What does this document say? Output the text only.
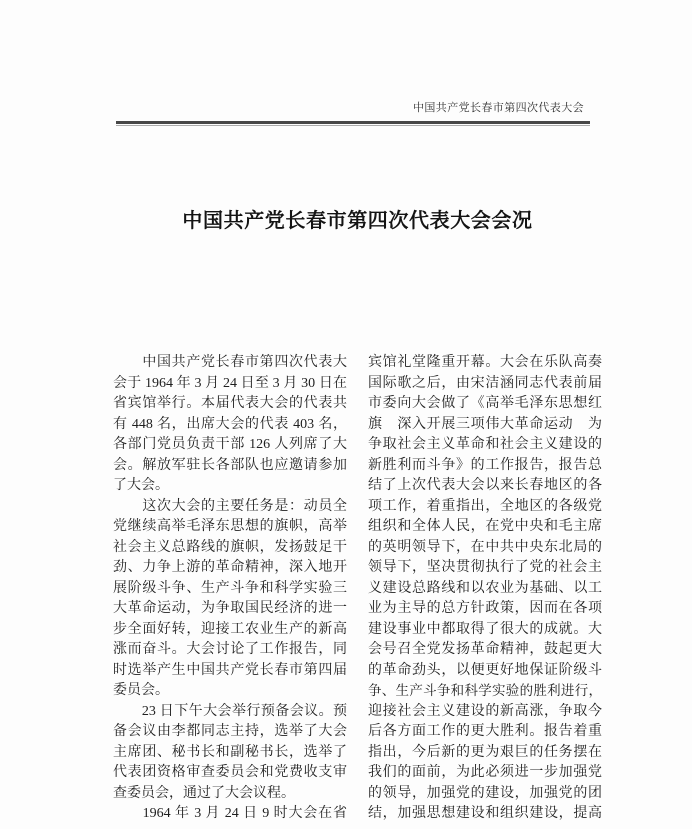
中国共产党长春市第四次代表大会
中国共产党长春市第四次代表大会会况
　　中国共产党长春市第四次代表大
会于 1964 年 3 月 24 日至 3 月 30 日在
省宾馆举行。本届代表大会的代表共
有 448 名，出席大会的代表 403 名，
各部门党员负责干部 126 人列席了大
会。解放军驻长各部队也应邀请参加
了大会。
　　这次大会的主要任务是：动员全
党继续高举毛泽东思想的旗帜，高举
社会主义总路线的旗帜，发扬鼓足干
劲、力争上游的革命精神，深入地开
展阶级斗争、生产斗争和科学实验三
大革命运动，为争取国民经济的进一
步全面好转，迎接工农业生产的新高
涨而奋斗。大会讨论了工作报告，同
时选举产生中国共产党长春市第四届
委员会。
　　23 日下午大会举行预备会议。预
备会议由李都同志主持，选举了大会
主席团、秘书长和副秘书长，选举了
代表团资格审查委员会和党费收支审
查委员会，通过了大会议程。
　　1964 年 3 月 24 日 9 时大会在省
宾馆礼堂隆重开幕。大会在乐队高奏
国际歌之后，由宋洁涵同志代表前届
市委向大会做了《高举毛泽东思想红
旗　深入开展三项伟大革命运动　为
争取社会主义革命和社会主义建设的
新胜利而斗争》的工作报告，报告总
结了上次代表大会以来长春地区的各
项工作，着重指出，全地区的各级党
组织和全体人民，在党中央和毛主席
的英明领导下，在中共中央东北局的
领导下，坚决贯彻执行了党的社会主
义建设总路线和以农业为基础、以工
业为主导的总方针政策，因而在各项
建设事业中都取得了很大的成就。大
会号召全党发扬革命精神，鼓起更大
的革命劲头，以便更好地保证阶级斗
争、生产斗争和科学实验的胜利进行，
迎接社会主义建设的新高涨，争取今
后各方面工作的更大胜利。报告着重
指出，今后新的更为艰巨的任务摆在
我们的面前，为此必须进一步加强党
的领导，加强党的建设，加强党的团
结，加强思想建设和组织建设，提高
